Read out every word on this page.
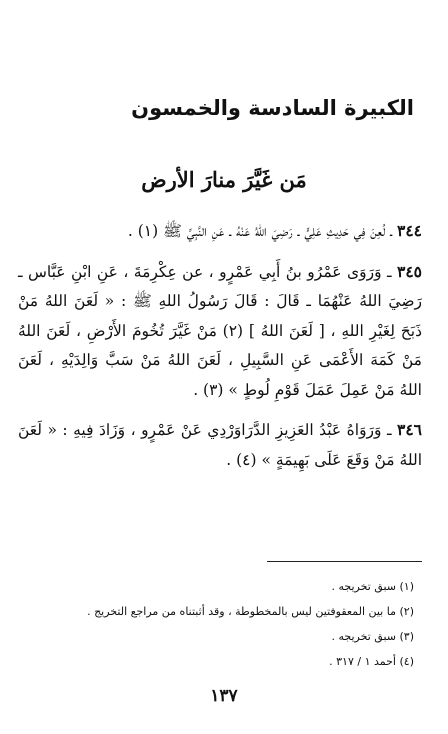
الكبيرة السادسة والخمسون
مَن غَيَّرَ منارَ الأرض

٣٤٤ ـ لُعِنَ فِي حَدِيثِ عَلِيٍّ ـ رَضِيَ اللهُ عَنْهُ ـ عَنِ النَّبِيِّ ﷺ (١) .

٣٤٥ ـ وَرَوَى عَمْرُو بنُ أَبِي عَمْرٍو ، عن عِكْرِمَةَ ، عَنِ ابْنِ عَبَّاس ـ رَضِيَ اللهُ عَنْهُمَا ـ قَالَ : قَالَ رَسُولُ اللهِ ﷺ : « لَعَنَ اللهُ مَنْ ذَبَحَ لِغَيْرِ اللهِ ، [ لَعَنَ اللهُ ] (٢) مَنْ غَيَّرَ تُخُومَ الأَرْضِ ، لَعَنَ اللهُ مَنْ كَمَهَ الأَعْمَى عَنِ السَّبِيلِ ، لَعَنَ اللهُ مَنْ سَبَّ وَالِدَيْهِ ، لَعَنَ اللهُ مَنْ عَمِلَ عَمَلَ قَوْمِ لُوطٍ » (٣) .

٣٤٦ ـ وَرَوَاهُ عَبْدُ العَزِيزِ الدَّرَاوَرْدِي عَنْ عَمْرٍو ، وَزَادَ فِيهِ : « لَعَنَ اللهُ مَنْ وَقَعَ عَلَى بَهِيمَةٍ » (٤) .

(١) سبق تخريجه .
(٢) ما بين المعقوفتين ليس بالمخطوطة ، وقد أثبتناه من مراجع التخريج .
(٣) سبق تخريجه .
(٤) أحمد ١ / ٣١٧ .
١٣٧
